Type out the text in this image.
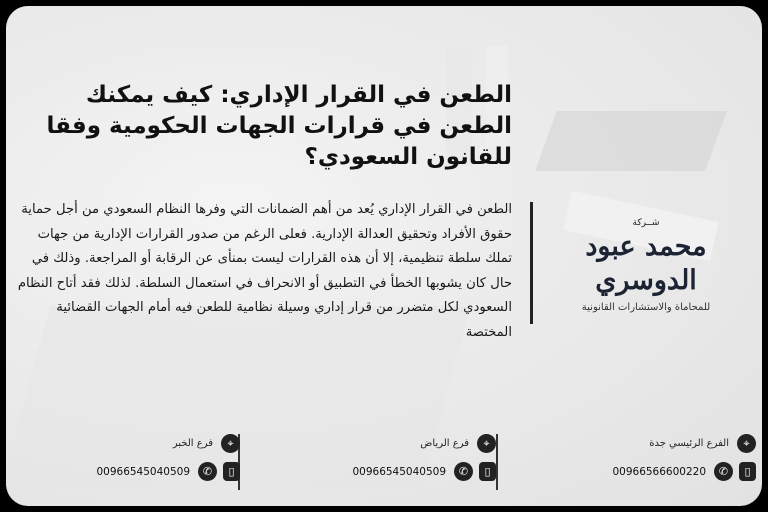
الطعن في القرار الإداري: كيف يمكنك الطعن في قرارات الجهات الحكومية وفقا للقانون السعودي؟
الطعن في القرار الإداري يُعد من أهم الضمانات التي وفرها النظام السعودي من أجل حماية حقوق الأفراد وتحقيق العدالة الإدارية. فعلى الرغم من صدور القرارات الإدارية من جهات تملك سلطة تنظيمية، إلا أن هذه القرارات ليست بمنأى عن الرقابة أو المراجعة. وذلك في حال كان يشوبها الخطأ في التطبيق أو الانحراف في استعمال السلطة. لذلك فقد أتاح النظام السعودي لكل متضرر من قرار إداري وسيلة نظامية للطعن فيه أمام الجهات القضائية المختصة
شــركة
محمد عبود الدوسري
للمحاماة والاستشارات القانونية
⌖
الفرع الرئيسي جدة
▯
✆
00966566600220
⌖
فرع الرياض
▯
✆
00966545040509
⌖
فرع الخبر
▯
✆
00966545040509
